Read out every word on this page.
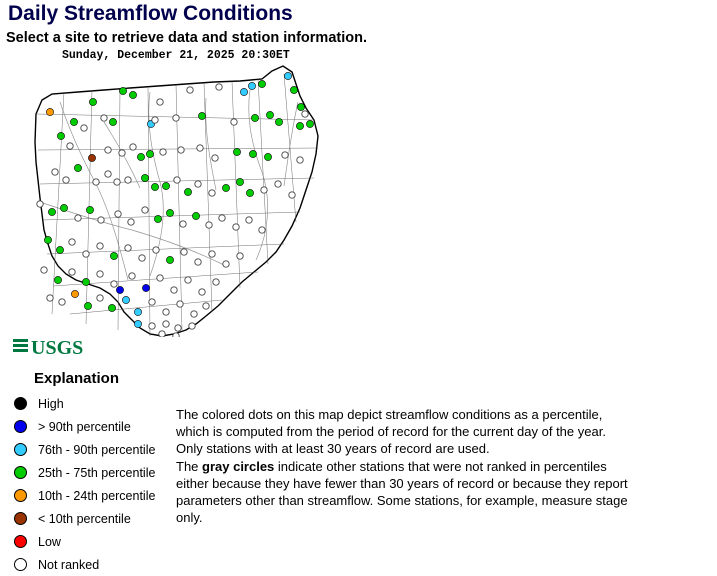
Daily Streamflow Conditions
Select a site to retrieve data and station information.
Sunday, December 21, 2025 20:30ET
USGS
Explanation
High
> 90th percentile
76th - 90th percentile
25th - 75th percentile
10th - 24th percentile
< 10th percentile
Low
Not ranked

The colored dots on this map depict streamflow conditions as a percentile,

which is computed from the period of record for the current day of the year.

Only stations with at least 30 years of record are used.

The gray circles indicate other stations that were not ranked in percentiles

either because they have fewer than 30 years of record or because they report

parameters other than streamflow. Some stations, for example, measure stage

only.
